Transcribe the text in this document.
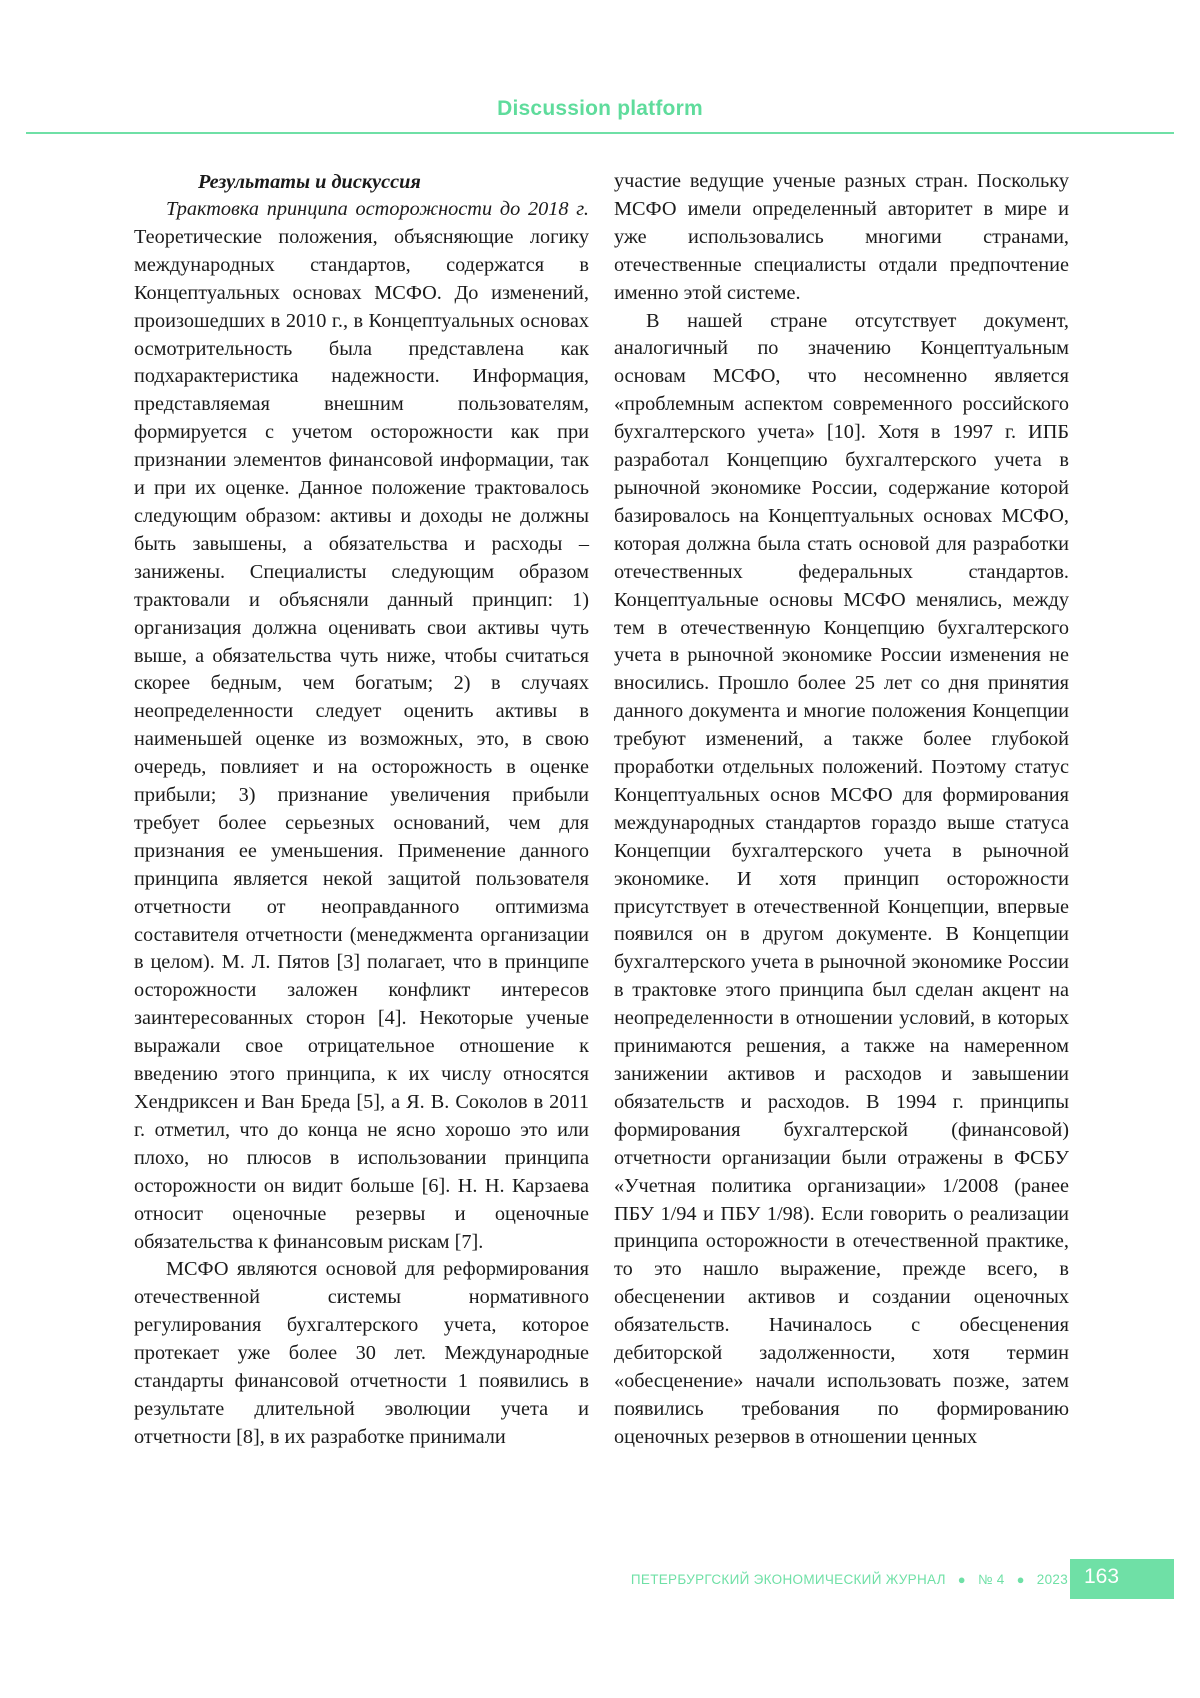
Discussion platform

Результаты и дискуссия

Трактовка принципа осторожности до 2018 г. Теоретические положения, объясняющие логику международных стандартов, содержатся в Концептуальных основах МСФО. До изменений, произошедших в 2010 г., в Концептуальных основах осмотрительность была представлена как подхарактеристика надежности. Информация, представляемая внешним пользователям, формируется с учетом осторожности как при признании элементов финансовой информации, так и при их оценке. Данное положение трактовалось следующим образом: активы и доходы не должны быть завышены, а обязательства и расходы – занижены. Специалисты следующим образом трактовали и объясняли данный принцип: 1) организация должна оценивать свои активы чуть выше, а обязательства чуть ниже, чтобы считаться скорее бедным, чем богатым; 2) в случаях неопределенности следует оценить активы в наименьшей оценке из возможных, это, в свою очередь, повлияет и на осторожность в оценке прибыли; 3) признание увеличения прибыли требует более серьезных оснований, чем для признания ее уменьшения. Применение данного принципа является некой защитой пользователя отчетности от неоправданного оптимизма составителя отчетности (менеджмента организации в целом). М. Л. Пятов [3] полагает, что в принципе осторожности заложен конфликт интересов заинтересованных сторон [4]. Некоторые ученые выражали свое отрицательное отношение к введению этого принципа, к их числу относятся Хендриксен и Ван Бреда [5], а Я. В. Соколов в 2011 г. отметил, что до конца не ясно хорошо это или плохо, но плюсов в использовании принципа осторожности он видит больше [6]. Н. Н. Карзаева относит оценочные резервы и оценочные обязательства к финансовым рискам [7].

МСФО являются основой для реформирования отечественной системы нормативного регулирования бухгалтерского учета, которое протекает уже более 30 лет. Международные стандарты финансовой отчетности 1 появились в результате длительной эволюции учета и отчетности [8], в их разработке принимали

участие ведущие ученые разных стран. Поскольку МСФО имели определенный авторитет в мире и уже использовались многими странами, отечественные специалисты отдали предпочтение именно этой системе.

В нашей стране отсутствует документ, аналогичный по значению Концептуальным основам МСФО, что несомненно является «проблемным аспектом современного российского бухгалтерского учета» [10]. Хотя в 1997 г. ИПБ разработал Концепцию бухгалтерского учета в рыночной экономике России, содержание которой базировалось на Концептуальных основах МСФО, которая должна была стать основой для разработки отечественных федеральных стандартов. Концептуальные основы МСФО менялись, между тем в отечественную Концепцию бухгалтерского учета в рыночной экономике России изменения не вносились. Прошло более 25 лет со дня принятия данного документа и многие положения Концепции требуют изменений, а также более глубокой проработки отдельных положений. Поэтому статус Концептуальных основ МСФО для формирования международных стандартов гораздо выше статуса Концепции бухгалтерского учета в рыночной экономике. И хотя принцип осторожности присутствует в отечественной Концепции, впервые появился он в другом документе. В Концепции бухгалтерского учета в рыночной экономике России в трактовке этого принципа был сделан акцент на неопределенности в отношении условий, в которых принимаются решения, а также на намеренном занижении активов и расходов и завышении обязательств и расходов. В 1994 г. принципы формирования бухгалтерской (финансовой) отчетности организации были отражены в ФСБУ «Учетная политика организации» 1/2008 (ранее ПБУ 1/94 и ПБУ 1/98). Если говорить о реализации принципа осторожности в отечественной практике, то это нашло выражение, прежде всего, в обесценении активов и создании оценочных обязательств. Начиналось с обесценения дебиторской задолженности, хотя термин «обесценение» начали использовать позже, затем появились требования по формированию оценочных резервов в отношении ценных

ПЕТЕРБУРГСКИЙ ЭКОНОМИЧЕСКИЙ ЖУРНАЛ ● № 4 ● 2023 163
